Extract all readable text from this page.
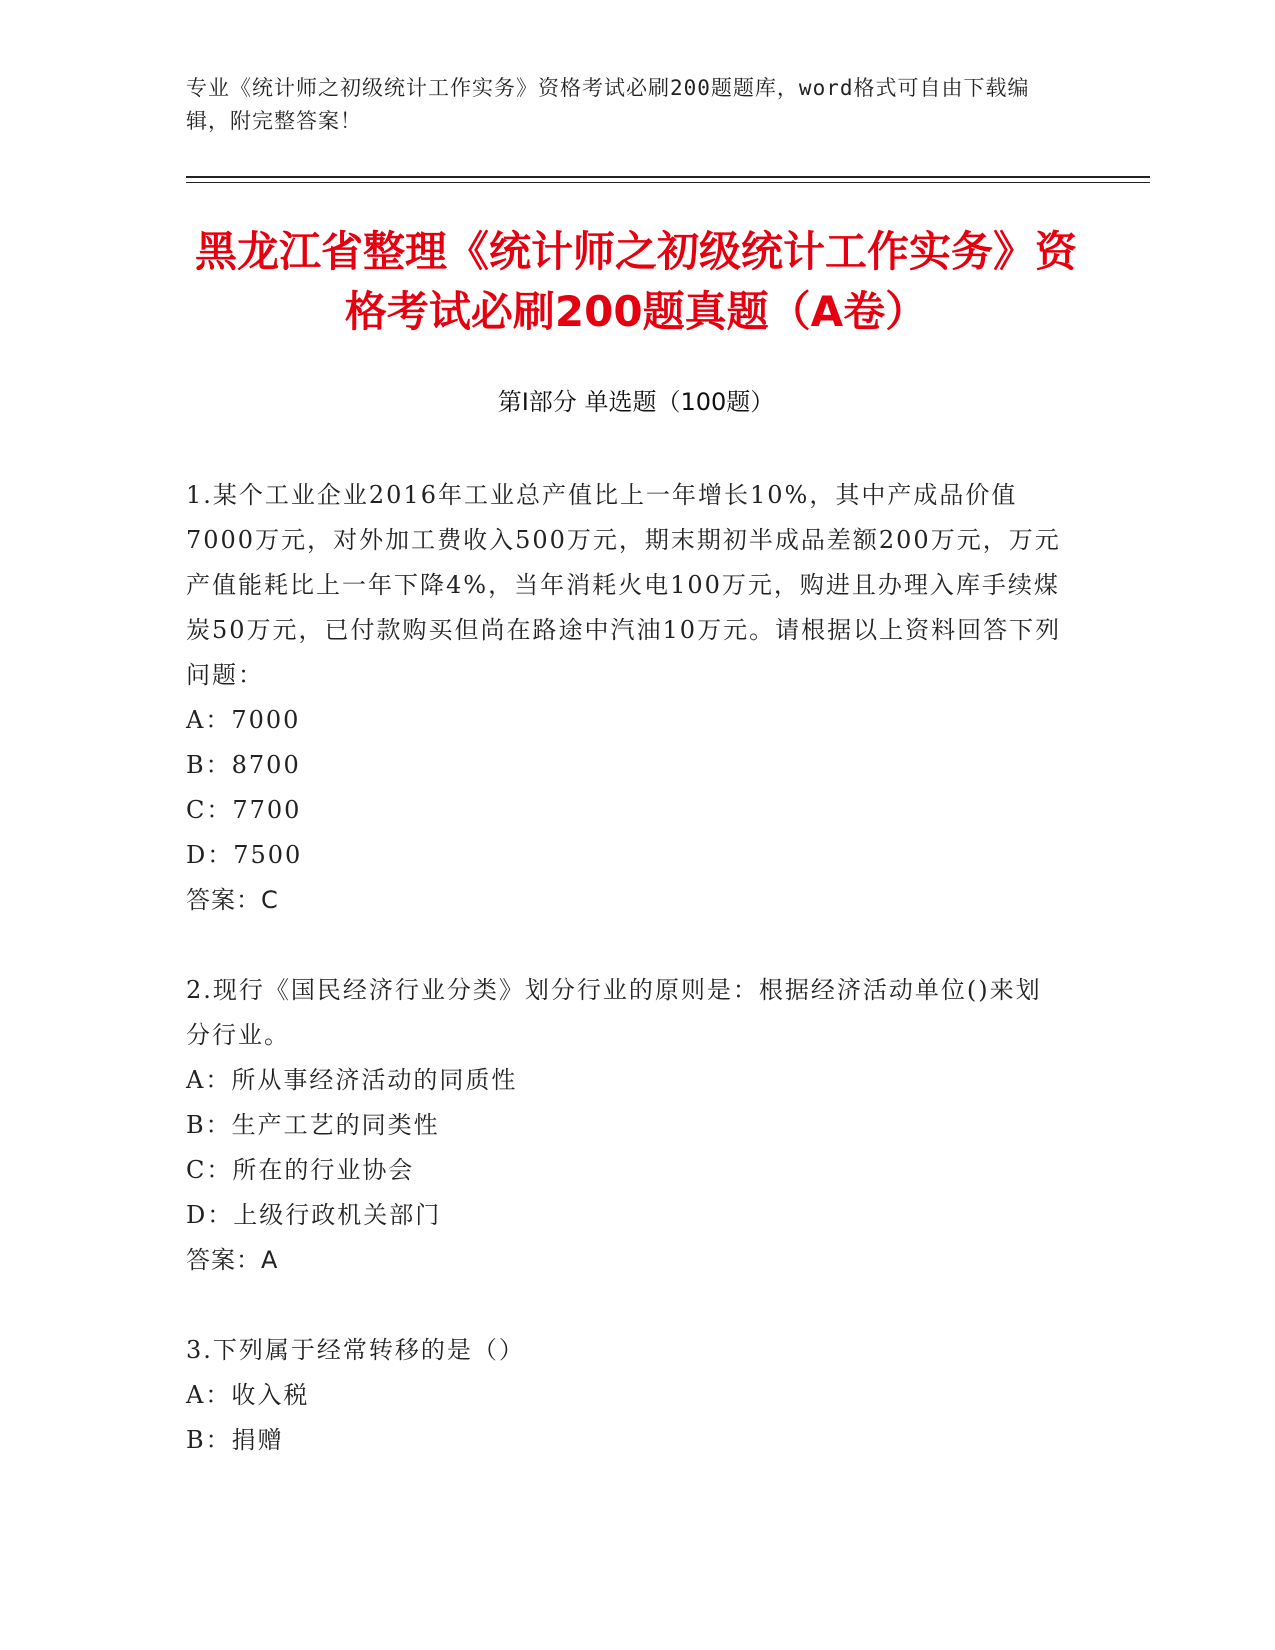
专业《统计师之初级统计工作实务》资格考试必刷200题题库，word格式可自由下载编辑，附完整答案！
黑龙江省整理《统计师之初级统计工作实务》资格考试必刷200题真题（A卷）
第Ⅰ部分 单选题（100题）
1.某个工业企业2016年工业总产值比上一年增长10%，其中产成品价值7000万元，对外加工费收入500万元，期末期初半成品差额200万元，万元产值能耗比上一年下降4%，当年消耗火电100万元，购进且办理入库手续煤炭50万元，已付款购买但尚在路途中汽油10万元。请根据以上资料回答下列问题：
A：7000
B：8700
C：7700
D：7500
答案：C
2.现行《国民经济行业分类》划分行业的原则是：根据经济活动单位()来划分行业。
A：所从事经济活动的同质性
B：生产工艺的同类性
C：所在的行业协会
D：上级行政机关部门
答案：A
3.下列属于经常转移的是（）
A：收入税
B：捐赠
